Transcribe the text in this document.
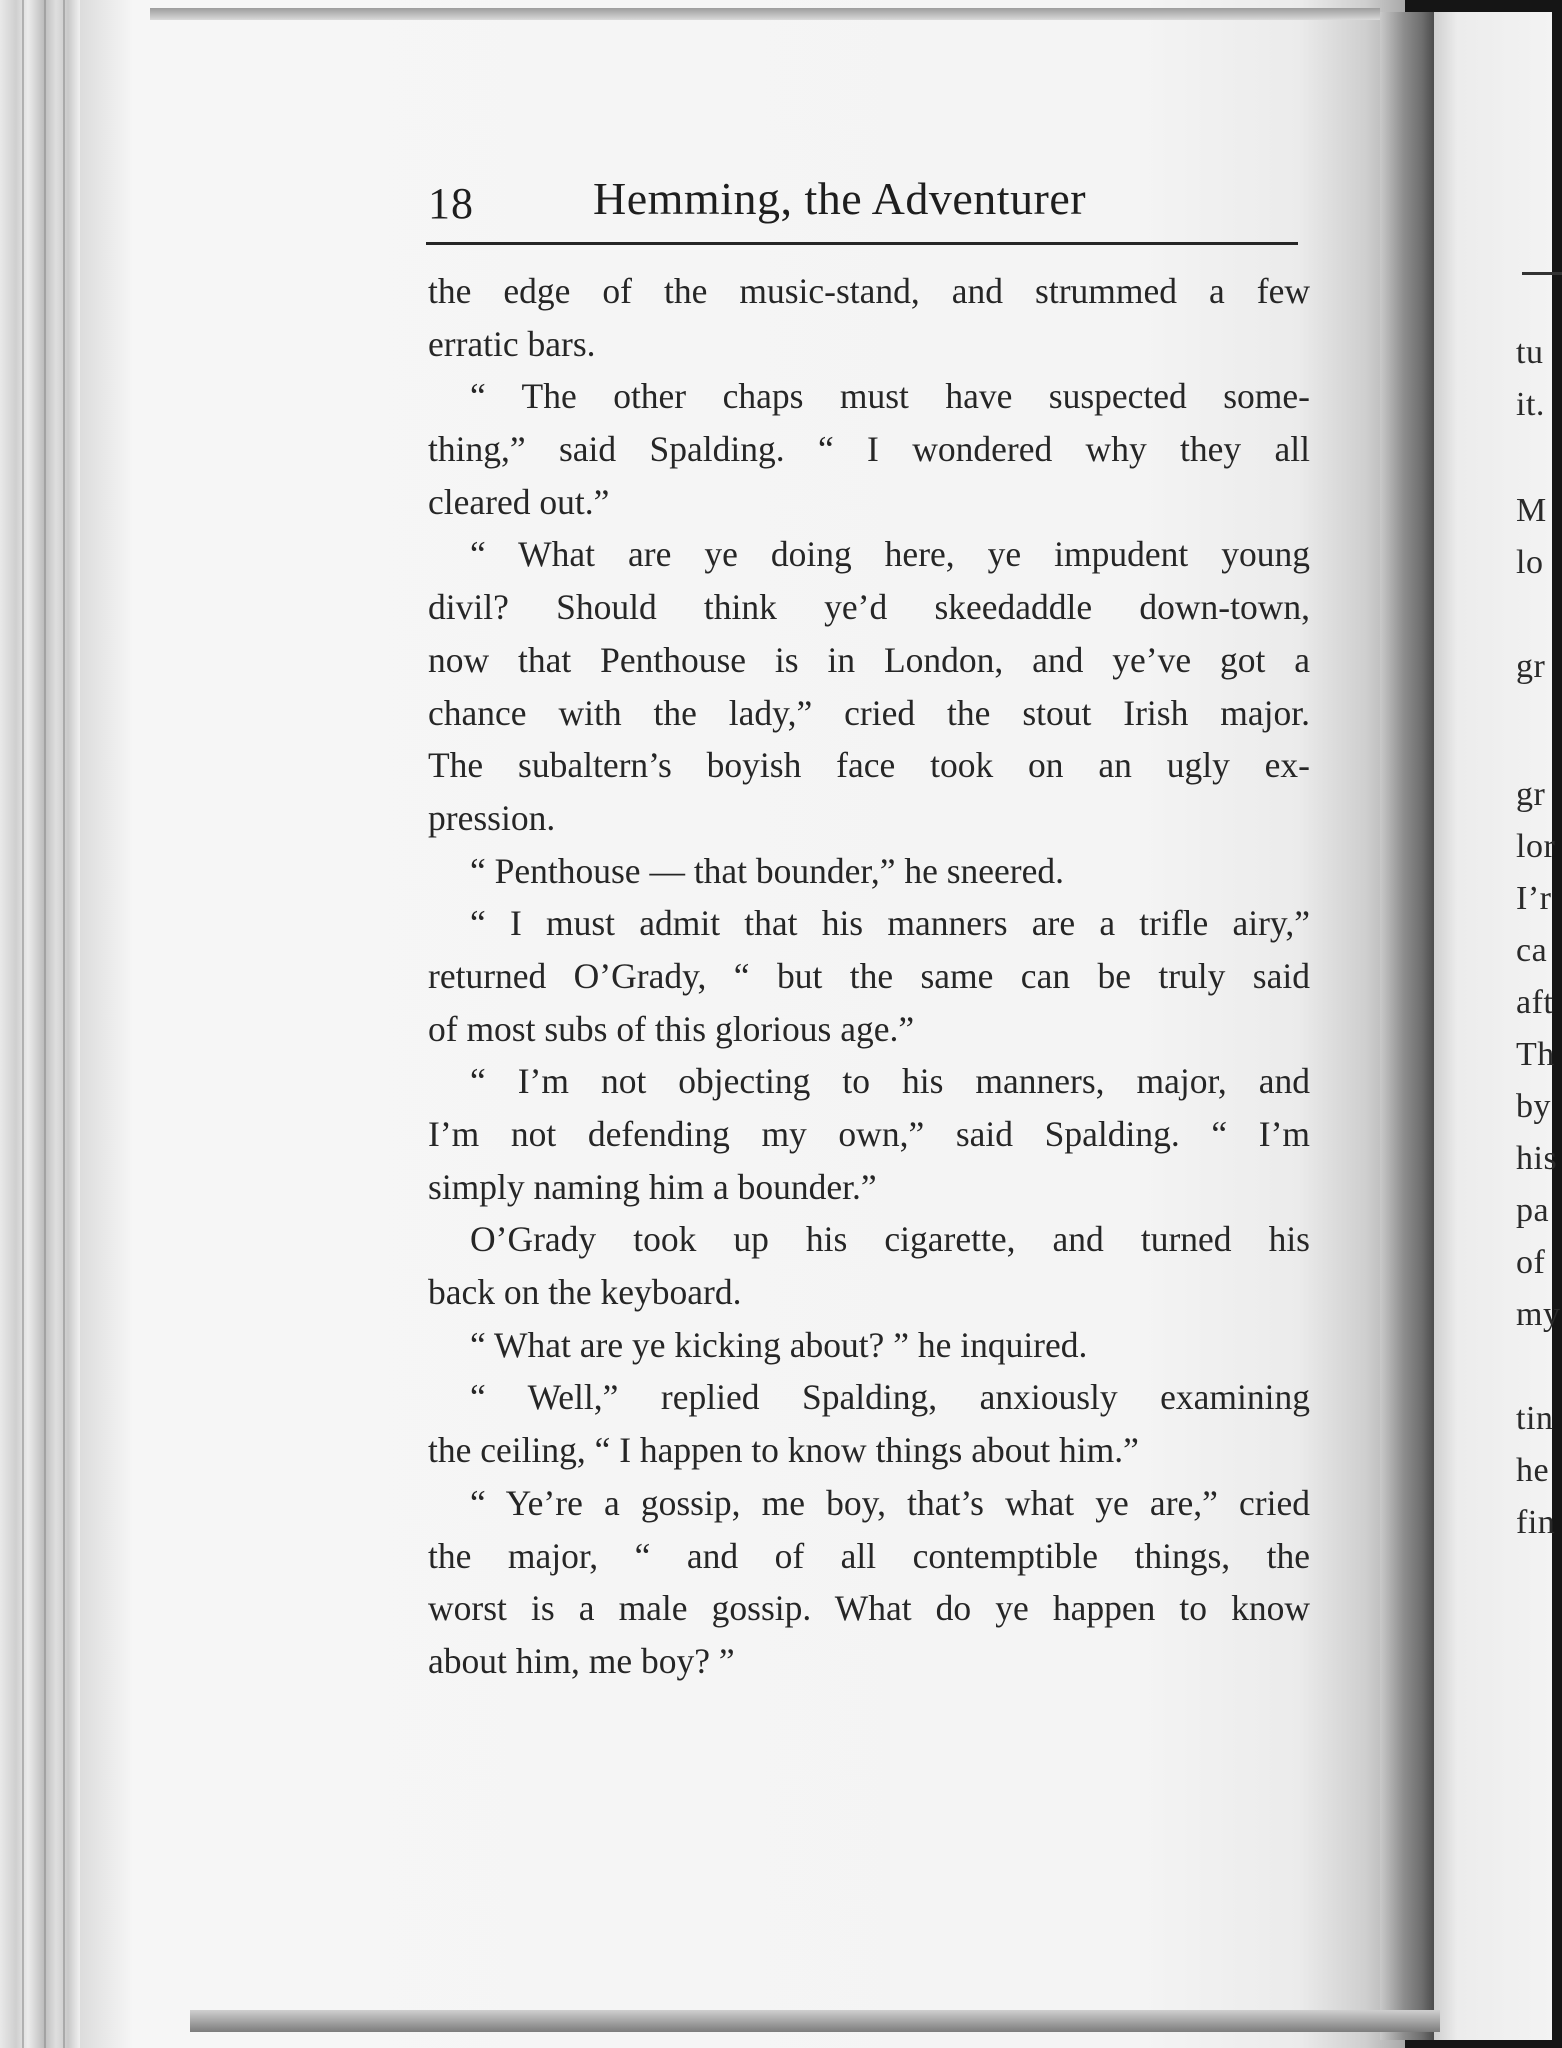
tu
it.
M
lo
gr
gr
lor
I’r
ca
aft
Th
by
his
pa
of
my
tin
he
fin
18	Hemming, the Adventurer
the edge of the music-stand, and strummed a few
erratic bars.
“ The other chaps must have suspected some-
thing,” said Spalding. “ I wondered why they all
cleared out.”
“ What are ye doing here, ye impudent young
divil? Should think ye’d skeedaddle down-town,
now that Penthouse is in London, and ye’ve got a
chance with the lady,” cried the stout Irish major.
The subaltern’s boyish face took on an ugly ex-
pression.
“ Penthouse — that bounder,” he sneered.
“ I must admit that his manners are a trifle airy,”
returned O’Grady, “ but the same can be truly said
of most subs of this glorious age.”
“ I’m not objecting to his manners, major, and
I’m not defending my own,” said Spalding. “ I’m
simply naming him a bounder.”
O’Grady took up his cigarette, and turned his
back on the keyboard.
“ What are ye kicking about? ” he inquired.
“ Well,” replied Spalding, anxiously examining
the ceiling, “ I happen to know things about him.”
“ Ye’re a gossip, me boy, that’s what ye are,” cried
the major, “ and of all contemptible things, the
worst is a male gossip. What do ye happen to know
about him, me boy? ”
